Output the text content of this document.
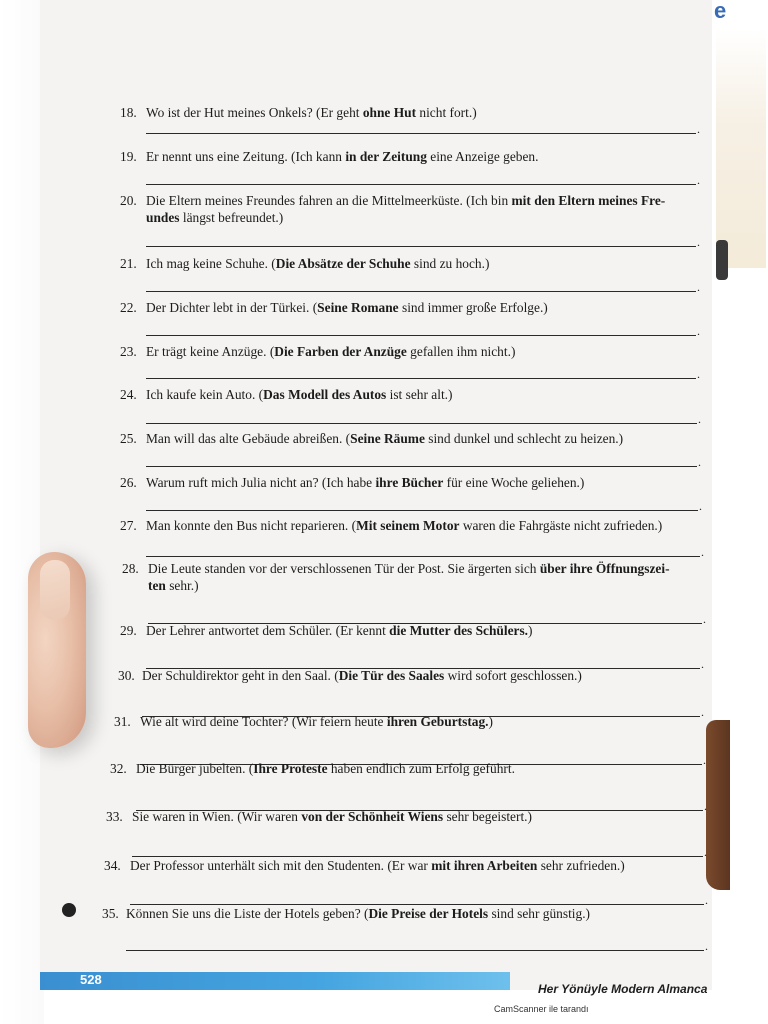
e
18. Wo ist der Hut meines Onkels? (Er geht ohne Hut nicht fort.)
.
19. Er nennt uns eine Zeitung. (Ich kann in der Zeitung eine Anzeige geben.
.
20. Die Eltern meines Freundes fahren an die Mittelmeerküste. (Ich bin mit den Eltern meines Fre-
undes längst befreundet.)
.
21. Ich mag keine Schuhe. (Die Absätze der Schuhe sind zu hoch.)
.
22. Der Dichter lebt in der Türkei. (Seine Romane sind immer große Erfolge.)
.
23. Er trägt keine Anzüge. (Die Farben der Anzüge gefallen ihm nicht.)
.
24. Ich kaufe kein Auto. (Das Modell des Autos ist sehr alt.)
.
25. Man will das alte Gebäude abreißen. (Seine Räume sind dunkel und schlecht zu heizen.)
.
26. Warum ruft mich Julia nicht an? (Ich habe ihre Bücher für eine Woche geliehen.)
.
27. Man konnte den Bus nicht reparieren. (Mit seinem Motor waren die Fahrgäste nicht zufrieden.)
.
28. Die Leute standen vor der verschlossenen Tür der Post. Sie ärgerten sich über ihre Öffnungszei-
ten sehr.)
.
29. Der Lehrer antwortet dem Schüler. (Er kennt die Mutter des Schülers.)
.
30. Der Schuldirektor geht in den Saal. (Die Tür des Saales wird sofort geschlossen.)
.
31. Wie alt wird deine Tochter? (Wir feiern heute ihren Geburtstag.)
.
32. Die Bürger jubelten. (Ihre Proteste haben endlich zum Erfolg geführt.
.
33. Sie waren in Wien. (Wir waren von der Schönheit Wiens sehr begeistert.)
.
34. Der Professor unterhält sich mit den Studenten. (Er war mit ihren Arbeiten sehr zufrieden.)
.
35. Können Sie uns die Liste der Hotels geben? (Die Preise der Hotels sind sehr günstig.)
.
528
Her Yönüyle Modern Almanca
CamScanner ile tarandı
